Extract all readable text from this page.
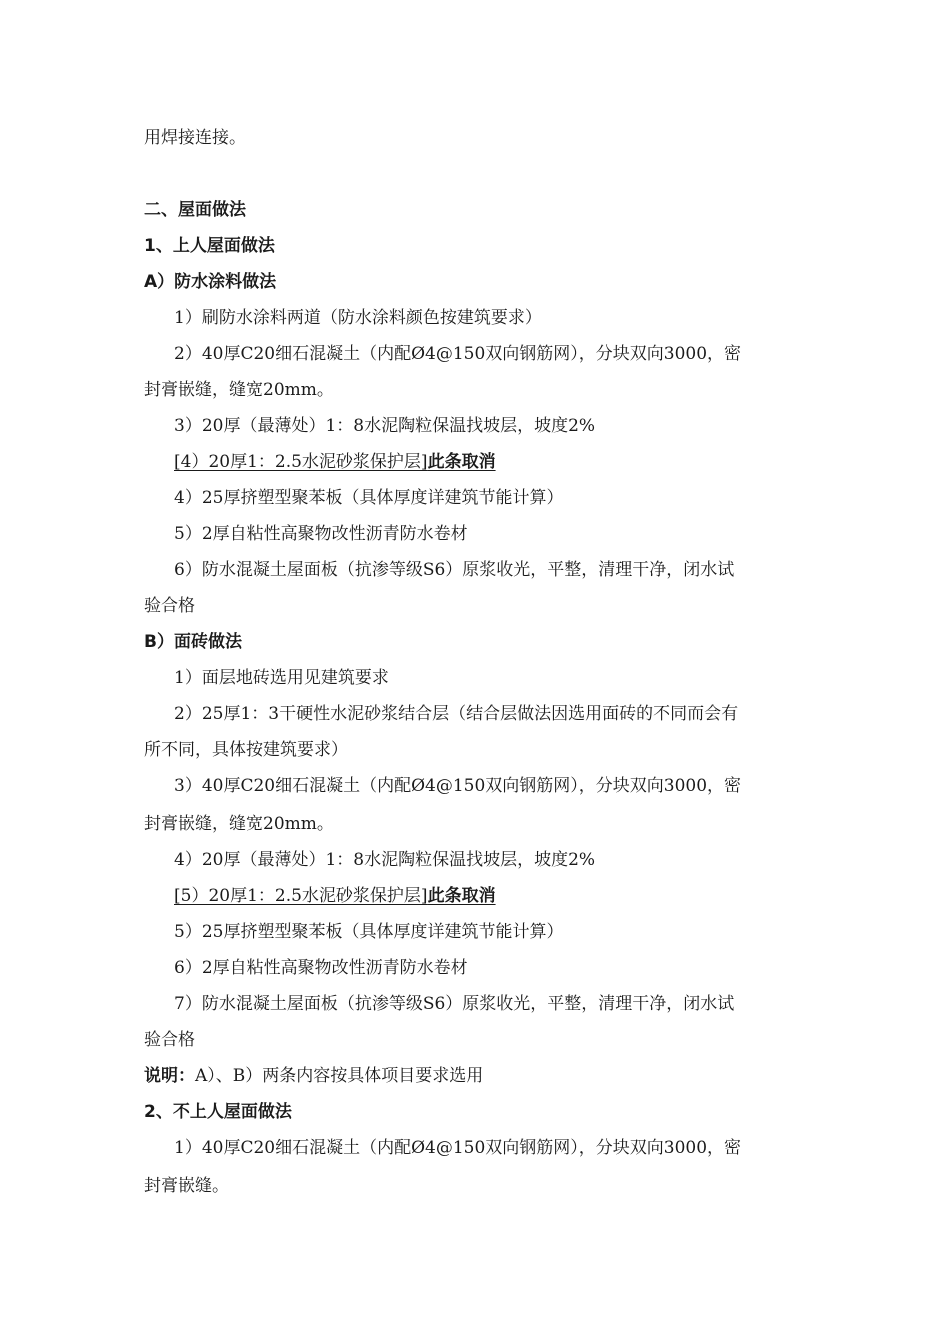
用焊接连接。
二、屋面做法
1、上人屋面做法
A）防水涂料做法
1）刷防水涂料两道（防水涂料颜色按建筑要求）
2）40厚C20细石混凝土（内配Ø4@150双向钢筋网），分块双向3000，密
封膏嵌缝，缝宽20mm。
3）20厚（最薄处）1：8水泥陶粒保温找坡层，坡度2%
[4）20厚1：2.5水泥砂浆保护层]此条取消
4）25厚挤塑型聚苯板（具体厚度详建筑节能计算）
5）2厚自粘性高聚物改性沥青防水卷材
6）防水混凝土屋面板（抗渗等级S6）原浆收光，平整，清理干净，闭水试
验合格
B）面砖做法
1）面层地砖选用见建筑要求
2）25厚1：3干硬性水泥砂浆结合层（结合层做法因选用面砖的不同而会有
所不同，具体按建筑要求）
3）40厚C20细石混凝土（内配Ø4@150双向钢筋网），分块双向3000，密
封膏嵌缝，缝宽20mm。
4）20厚（最薄处）1：8水泥陶粒保温找坡层，坡度2%
[5）20厚1：2.5水泥砂浆保护层]此条取消
5）25厚挤塑型聚苯板（具体厚度详建筑节能计算）
6）2厚自粘性高聚物改性沥青防水卷材
7）防水混凝土屋面板（抗渗等级S6）原浆收光，平整，清理干净，闭水试
验合格
说明：A）、B）两条内容按具体项目要求选用
2、不上人屋面做法
1）40厚C20细石混凝土（内配Ø4@150双向钢筋网），分块双向3000，密
封膏嵌缝。
